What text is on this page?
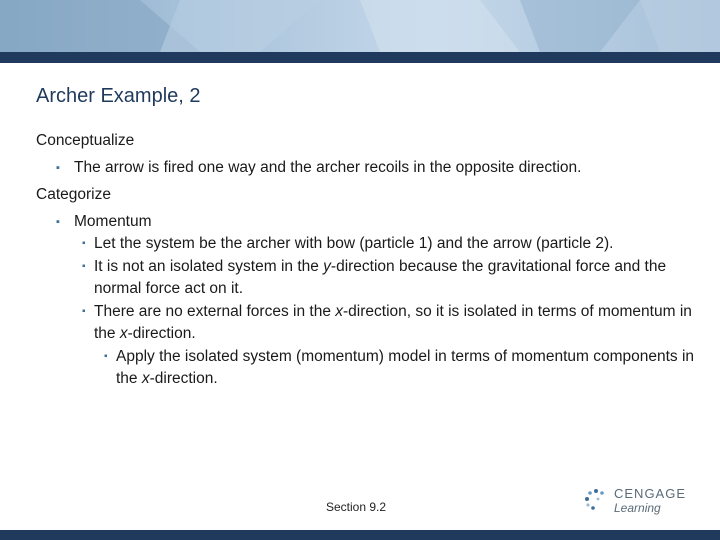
Archer Example, 2
Conceptualize
▪ The arrow is fired one way and the archer recoils in the opposite direction.
Categorize
▪ Momentum
▪ Let the system be the archer with bow (particle 1) and the arrow (particle 2).
▪ It is not an isolated system in the y-direction because the gravitational force and the normal force act on it.
▪ There are no external forces in the x-direction, so it is isolated in terms of momentum in the x-direction.
▪ Apply the isolated system (momentum) model in terms of momentum components in the x-direction.
Section 9.2
CENGAGE
Learning
